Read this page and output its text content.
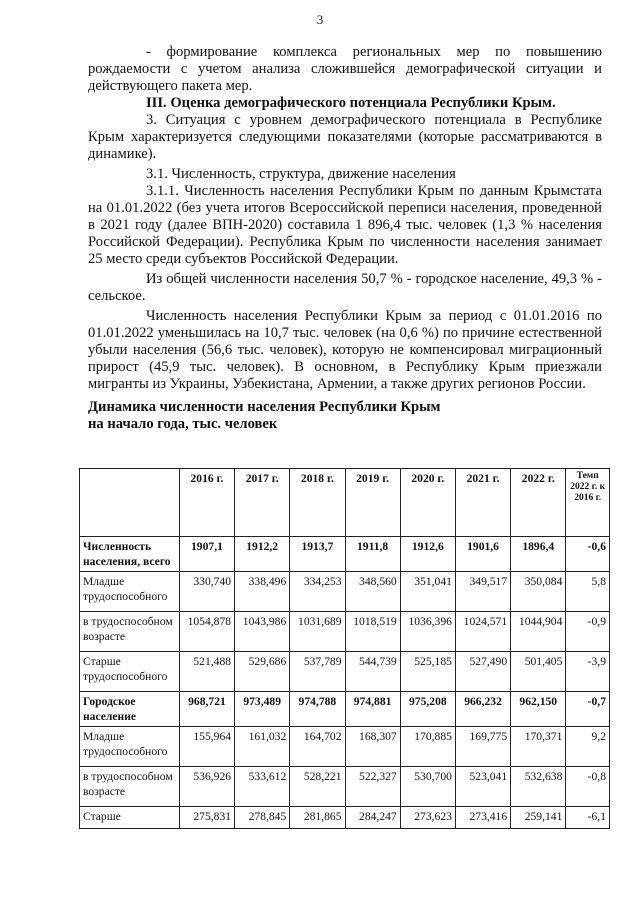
3

- формирование комплекса региональных мер по повышению рождаемости с учетом анализа сложившейся демографической ситуации и действующего пакета мер.

III. Оценка демографического потенциала Республики Крым.

3. Ситуация с уровнем демографического потенциала в Республике Крым характеризуется следующими показателями (которые рассматриваются в динамике).

3.1. Численность, структура, движение населения

3.1.1. Численность населения Республики Крым по данным Крымстата на 01.01.2022 (без учета итогов Всероссийской переписи населения, проведенной в 2021 году (далее ВПН-2020) составила 1 896,4 тыс. человек (1,3 % населения Российской Федерации). Республика Крым по численности населения занимает 25 место среди субъектов Российской Федерации.

Из общей численности населения 50,7 % - городское население, 49,3 % - сельское.

Численность населения Республики Крым за период с 01.01.2016 по 01.01.2022 уменьшилась на 10,7 тыс. человек (на 0,6 %) по причине естественной убыли населения (56,6 тыс. человек), которую не компенсировал миграционный прирост (45,9 тыс. человек). В основном, в Республику Крым приезжали мигранты из Украины, Узбекистана, Армении, а также других регионов России.

Динамика численности населения Республики Крым
на начало года, тыс. человек

	2016 г.	2017 г.	2018 г.	2019 г.	2020 г.	2021 г.	2022 г.	Темп 2022 г. к 2016 г.
Численность населения, всего	1907,1	1912,2	1913,7	1911,8	1912,6	1901,6	1896,4	-0,6
Младше трудоспособного	330,740	338,496	334,253	348,560	351,041	349,517	350,084	5,8
в трудоспособном возрасте	1054,878	1043,986	1031,689	1018,519	1036,396	1024,571	1044,904	-0,9
Старше трудоспособного	521,488	529,686	537,789	544,739	525,185	527,490	501,405	-3,9
Городское население	968,721	973,489	974,788	974,881	975,208	966,232	962,150	-0,7
Младше трудоспособного	155,964	161,032	164,702	168,307	170,885	169,775	170,371	9,2
в трудоспособном возрасте	536,926	533,612	528,221	522,327	530,700	523,041	532,638	-0,8
Старше	275,831	278,845	281,865	284,247	273,623	273,416	259,141	-6,1
